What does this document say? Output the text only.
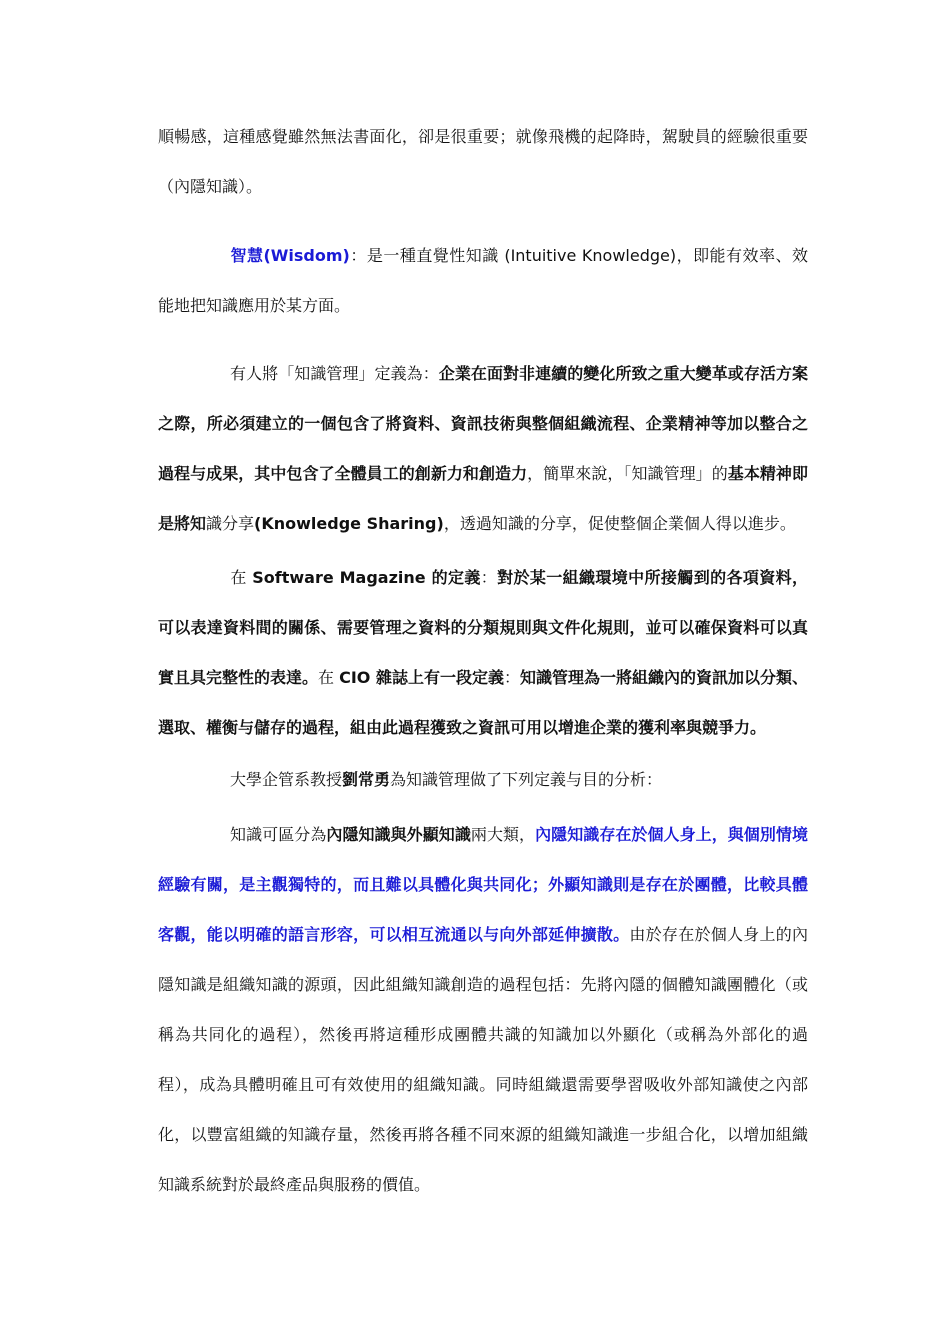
順暢感，這種感覺雖然無法書面化，卻是很重要；就像飛機的起降時，駕駛員的經驗很重要（內隱知識）。

智慧(Wisdom)：是一種直覺性知識 (Intuitive Knowledge)，即能有效率、效能地把知識應用於某方面。

有人將「知識管理」定義為：企業在面對非連續的變化所致之重大變革或存活方案之際，所必須建立的一個包含了將資料、資訊技術與整個組織流程、企業精神等加以整合之過程与成果，其中包含了全體員工的創新力和創造力，簡單來說，「知識管理」的基本精神即是將知識分享(Knowledge Sharing)，透過知識的分享，促使整個企業個人得以進步。

在 Software Magazine 的定義：對於某一組織環境中所接觸到的各項資料，可以表達資料間的關係、需要管理之資料的分類規則與文件化規則，並可以確保資料可以真實且具完整性的表達。在 CIO 雜誌上有一段定義：知識管理為一將組織內的資訊加以分類、選取、權衡与儲存的過程，組由此過程獲致之資訊可用以增進企業的獲利率與競爭力。

大學企管系教授劉常勇為知識管理做了下列定義与目的分析：

知識可區分為內隱知識與外顯知識兩大類，內隱知識存在於個人身上，與個別情境經驗有關，是主觀獨特的，而且難以具體化與共同化；外顯知識則是存在於團體，比較具體客觀，能以明確的語言形容，可以相互流通以与向外部延伸擴散。由於存在於個人身上的內隱知識是組織知識的源頭，因此組織知識創造的過程包括：先將內隱的個體知識團體化（或稱為共同化的過程），然後再將這種形成團體共識的知識加以外顯化（或稱為外部化的過程），成為具體明確且可有效使用的組織知識。同時組織還需要學習吸收外部知識使之內部化，以豐富組織的知識存量，然後再將各種不同來源的組織知識進一步組合化，以增加組織知識系統對於最終產品與服務的價值。
